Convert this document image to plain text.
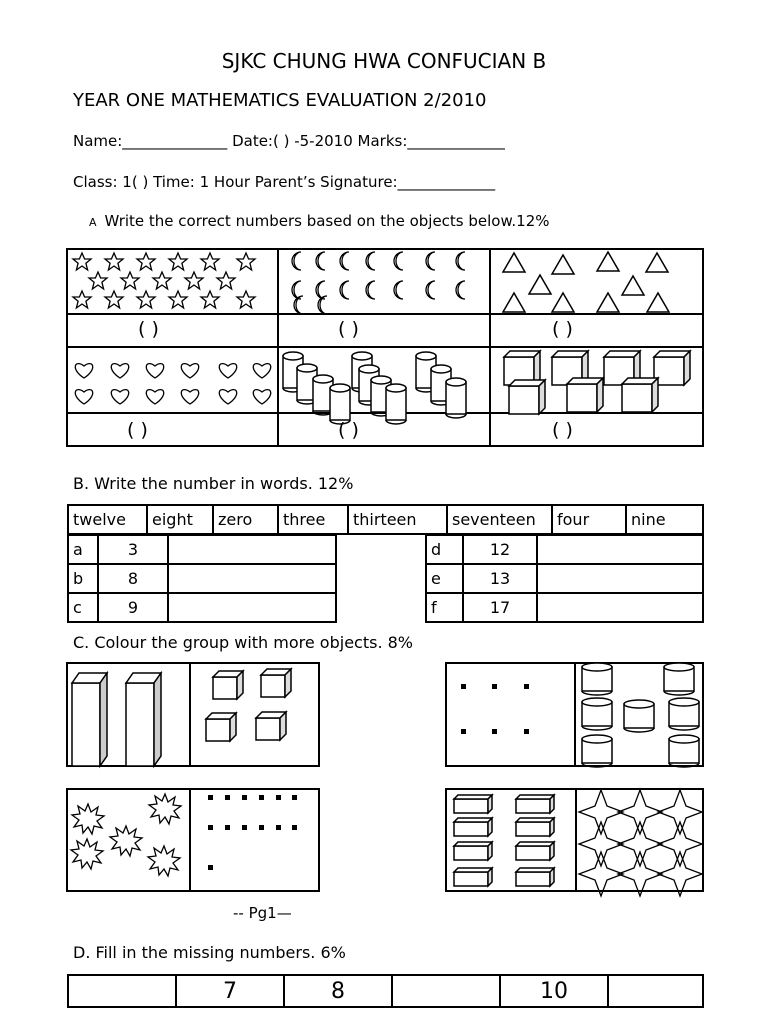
SJKC CHUNG HWA CONFUCIAN B
YEAR ONE MATHEMATICS EVALUATION 2/2010
Name:______________ Date:( ) -5-2010 Marks:_____________
Class: 1( ) Time: 1 Hour Parent’s Signature:_____________
A Write the correct numbers based on the objects below.12%
( )	( )	( )
( )	( )	( )
B. Write the number in words. 12%
twelve	eight	zero	three	thirteen	seventeen	four	nine
a	3	
b	8	
c	9	
d	12	
e	13	
f	17	
C. Colour the group with more objects. 8%
-- Pg1—
D. Fill in the missing numbers. 6%
	7	8		10	
